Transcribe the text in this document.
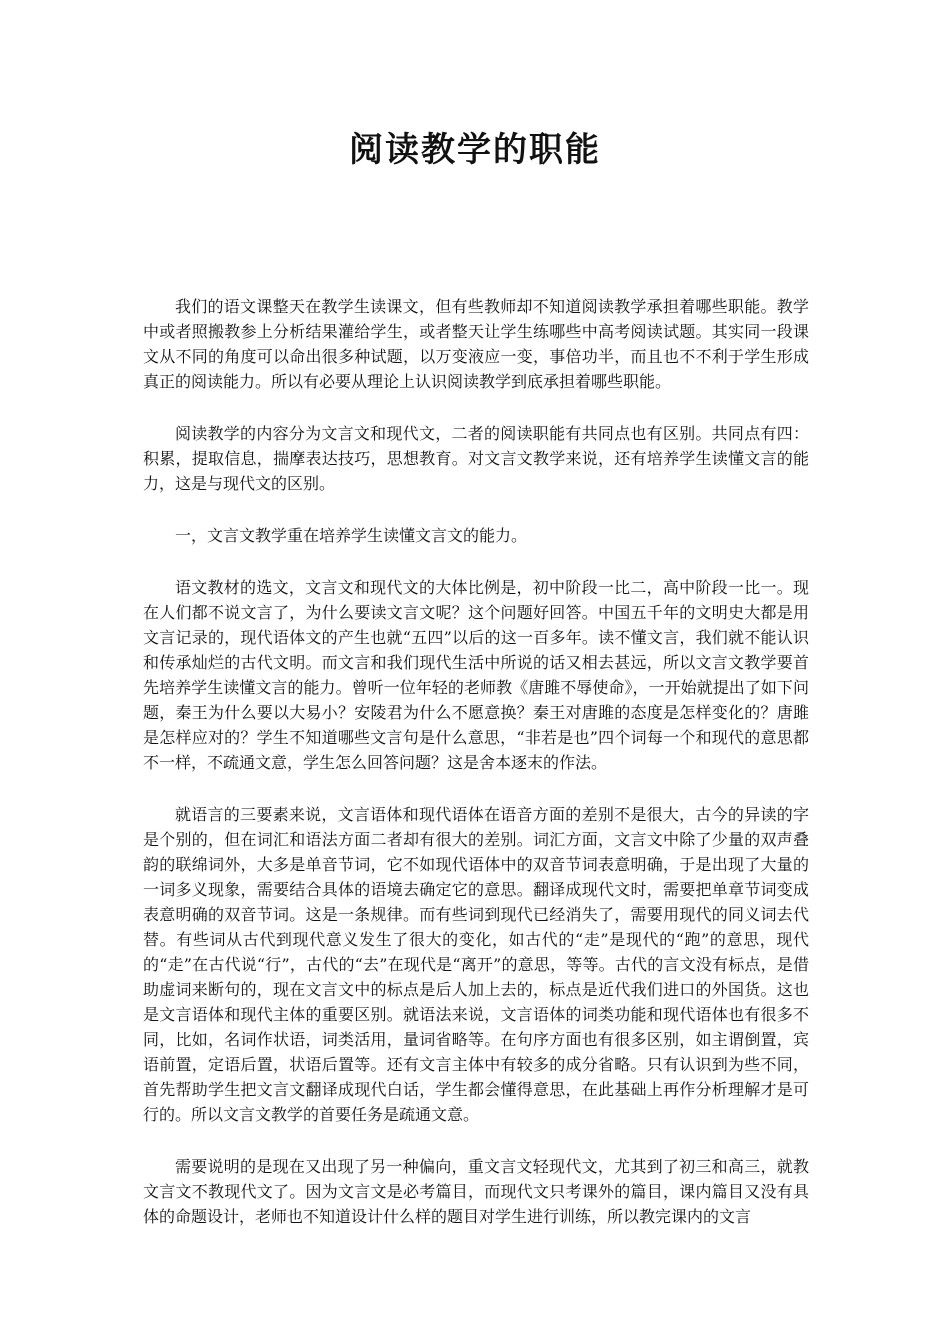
阅读教学的职能

我们的语文课整天在教学生读课文，但有些教师却不知道阅读教学承担着哪些职能。教学中或者照搬教参上分析结果灌给学生，或者整天让学生练哪些中高考阅读试题。其实同一段课文从不同的角度可以命出很多种试题，以万变液应一变，事倍功半，而且也不不利于学生形成真正的阅读能力。所以有必要从理论上认识阅读教学到底承担着哪些职能。

阅读教学的内容分为文言文和现代文，二者的阅读职能有共同点也有区别。共同点有四：积累，提取信息，揣摩表达技巧，思想教育。对文言文教学来说，还有培养学生读懂文言的能力，这是与现代文的区别。

一，文言文教学重在培养学生读懂文言文的能力。

语文教材的选文，文言文和现代文的大体比例是，初中阶段一比二，高中阶段一比一。现在人们都不说文言了，为什么要读文言文呢？这个问题好回答。中国五千年的文明史大都是用文言记录的，现代语体文的产生也就“五四”以后的这一百多年。读不懂文言，我们就不能认识和传承灿烂的古代文明。而文言和我们现代生活中所说的话又相去甚远，所以文言文教学要首先培养学生读懂文言的能力。曾听一位年轻的老师教《唐雎不辱使命》，一开始就提出了如下问题，秦王为什么要以大易小？安陵君为什么不愿意换？秦王对唐雎的态度是怎样变化的？唐雎是怎样应对的？学生不知道哪些文言句是什么意思，“非若是也”四个词每一个和现代的意思都不一样，不疏通文意，学生怎么回答问题？这是舍本逐末的作法。

就语言的三要素来说，文言语体和现代语体在语音方面的差别不是很大，古今的异读的字是个别的，但在词汇和语法方面二者却有很大的差别。词汇方面，文言文中除了少量的双声叠韵的联绵词外，大多是单音节词，它不如现代语体中的双音节词表意明确，于是出现了大量的一词多义现象，需要结合具体的语境去确定它的意思。翻译成现代文时，需要把单章节词变成表意明确的双音节词。这是一条规律。而有些词到现代已经消失了，需要用现代的同义词去代替。有些词从古代到现代意义发生了很大的变化，如古代的“走”是现代的“跑”的意思，现代的“走”在古代说“行”，古代的“去”在现代是“离开”的意思，等等。古代的言文没有标点，是借助虚词来断句的，现在文言文中的标点是后人加上去的，标点是近代我们进口的外国货。这也是文言语体和现代主体的重要区别。就语法来说，文言语体的词类功能和现代语体也有很多不同，比如，名词作状语，词类活用，量词省略等。在句序方面也有很多区别，如主谓倒置，宾语前置，定语后置，状语后置等。还有文言主体中有较多的成分省略。只有认识到为些不同，首先帮助学生把文言文翻译成现代白话，学生都会懂得意思，在此基础上再作分析理解才是可行的。所以文言文教学的首要任务是疏通文意。

需要说明的是现在又出现了另一种偏向，重文言文轻现代文，尤其到了初三和高三，就教文言文不教现代文了。因为文言文是必考篇目，而现代文只考课外的篇目，课内篇目又没有具体的命题设计，老师也不知道设计什么样的题目对学生进行训练，所以教完课内的文言
